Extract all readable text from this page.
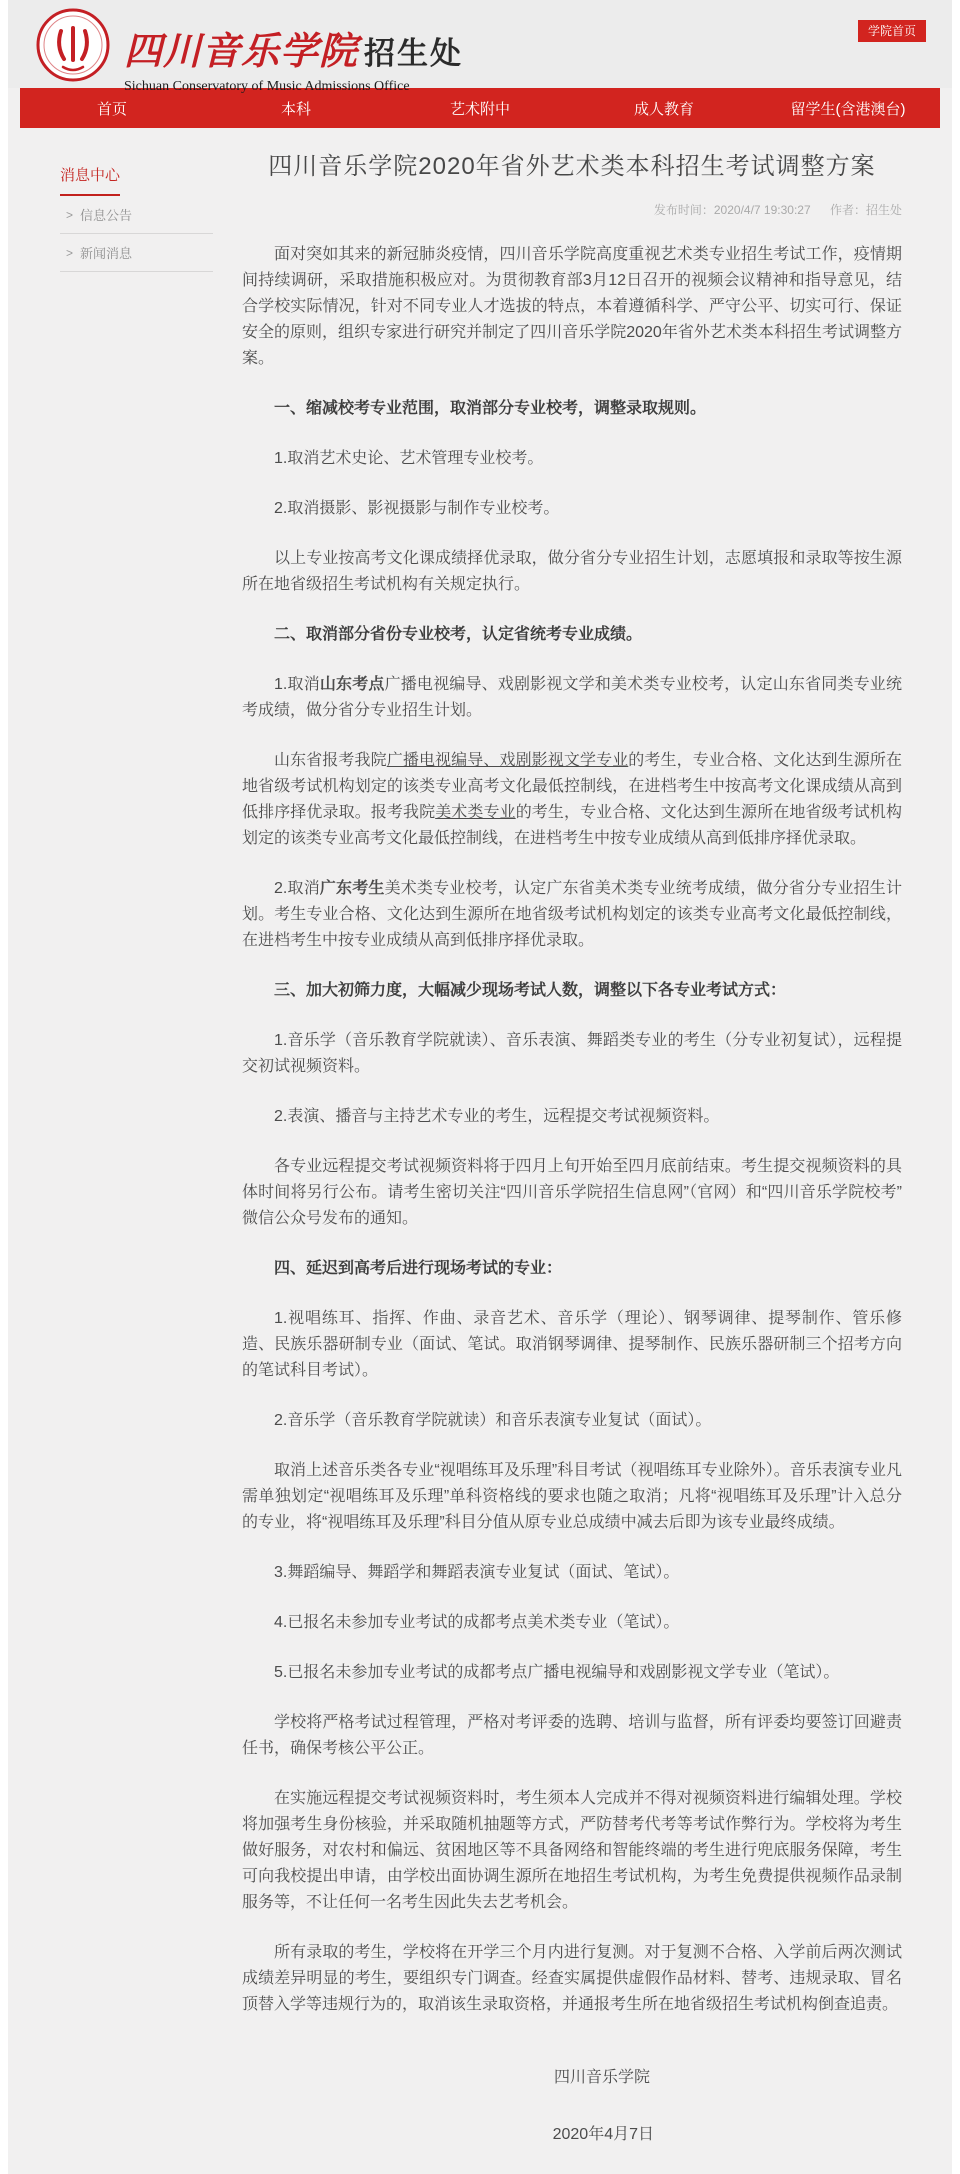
四川音乐学院 招生处
Sichuan Conservatory of Music Admissions Office
学院首页
首页	本科	艺术附中	成人教育	留学生(含港澳台)
消息中心
> 信息公告
> 新闻消息
四川音乐学院2020年省外艺术类本科招生考试调整方案
发布时间：2020/4/7 19:30:27 作者：招生处

面对突如其来的新冠肺炎疫情，四川音乐学院高度重视艺术类专业招生考试工作，疫情期间持续调研，采取措施积极应对。为贯彻教育部3月12日召开的视频会议精神和指导意见，结合学校实际情况，针对不同专业人才选拔的特点，本着遵循科学、严守公平、切实可行、保证安全的原则，组织专家进行研究并制定了四川音乐学院2020年省外艺术类本科招生考试调整方案。

一、缩减校考专业范围，取消部分专业校考，调整录取规则。

1.取消艺术史论、艺术管理专业校考。

2.取消摄影、影视摄影与制作专业校考。

以上专业按高考文化课成绩择优录取，做分省分专业招生计划，志愿填报和录取等按生源所在地省级招生考试机构有关规定执行。

二、取消部分省份专业校考，认定省统考专业成绩。

1.取消山东考点广播电视编导、戏剧影视文学和美术类专业校考，认定山东省同类专业统考成绩，做分省分专业招生计划。

山东省报考我院广播电视编导、戏剧影视文学专业的考生，专业合格、文化达到生源所在地省级考试机构划定的该类专业高考文化最低控制线，在进档考生中按高考文化课成绩从高到低排序择优录取。报考我院美术类专业的考生，专业合格、文化达到生源所在地省级考试机构划定的该类专业高考文化最低控制线，在进档考生中按专业成绩从高到低排序择优录取。

2.取消广东考生美术类专业校考，认定广东省美术类专业统考成绩，做分省分专业招生计划。考生专业合格、文化达到生源所在地省级考试机构划定的该类专业高考文化最低控制线，在进档考生中按专业成绩从高到低排序择优录取。

三、加大初筛力度，大幅减少现场考试人数，调整以下各专业考试方式：

1.音乐学（音乐教育学院就读）、音乐表演、舞蹈类专业的考生（分专业初复试），远程提交初试视频资料。

2.表演、播音与主持艺术专业的考生，远程提交考试视频资料。

各专业远程提交考试视频资料将于四月上旬开始至四月底前结束。考生提交视频资料的具体时间将另行公布。请考生密切关注“四川音乐学院招生信息网”（官网）和“四川音乐学院校考”微信公众号发布的通知。

四、延迟到高考后进行现场考试的专业：

1.视唱练耳、指挥、作曲、录音艺术、音乐学（理论）、钢琴调律、提琴制作、管乐修造、民族乐器研制专业（面试、笔试。取消钢琴调律、提琴制作、民族乐器研制三个招考方向的笔试科目考试）。

2.音乐学（音乐教育学院就读）和音乐表演专业复试（面试）。

取消上述音乐类各专业“视唱练耳及乐理”科目考试（视唱练耳专业除外）。音乐表演专业凡需单独划定“视唱练耳及乐理”单科资格线的要求也随之取消；凡将“视唱练耳及乐理”计入总分的专业，将“视唱练耳及乐理”科目分值从原专业总成绩中减去后即为该专业最终成绩。

3.舞蹈编导、舞蹈学和舞蹈表演专业复试（面试、笔试）。

4.已报名未参加专业考试的成都考点美术类专业（笔试）。

5.已报名未参加专业考试的成都考点广播电视编导和戏剧影视文学专业（笔试）。

学校将严格考试过程管理，严格对考评委的选聘、培训与监督，所有评委均要签订回避责任书，确保考核公平公正。

在实施远程提交考试视频资料时，考生须本人完成并不得对视频资料进行编辑处理。学校将加强考生身份核验，并采取随机抽题等方式，严防替考代考等考试作弊行为。学校将为考生做好服务，对农村和偏远、贫困地区等不具备网络和智能终端的考生进行兜底服务保障，考生可向我校提出申请，由学校出面协调生源所在地招生考试机构，为考生免费提供视频作品录制服务等，不让任何一名考生因此失去艺考机会。

所有录取的考生，学校将在开学三个月内进行复测。对于复测不合格、入学前后两次测试成绩差异明显的考生，要组织专门调查。经查实属提供虚假作品材料、替考、违规录取、冒名顶替入学等违规行为的，取消该生录取资格，并通报考生所在地省级招生考试机构倒查追责。

四川音乐学院

2020年4月7日
